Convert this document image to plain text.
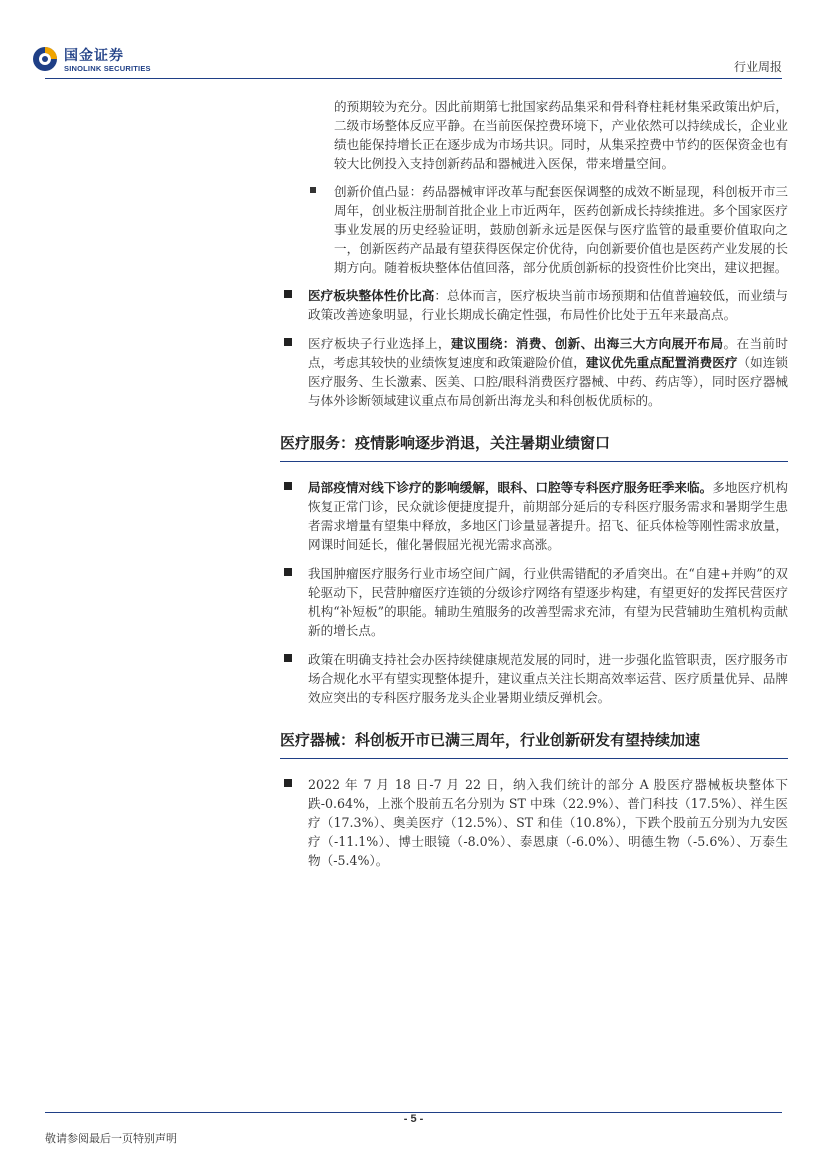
国金证券
SINOLINK SECURITIES	行业周报

的预期较为充分。因此前期第七批国家药品集采和骨科脊柱耗材集采政策出炉后，二级市场整体反应平静。在当前医保控费环境下，产业依然可以持续成长，企业业绩也能保持增长正在逐步成为市场共识。同时，从集采控费中节约的医保资金也有较大比例投入支持创新药品和器械进入医保，带来增量空间。

创新价值凸显：药品器械审评改革与配套医保调整的成效不断显现，科创板开市三周年，创业板注册制首批企业上市近两年，医药创新成长持续推进。多个国家医疗事业发展的历史经验证明，鼓励创新永远是医保与医疗监管的最重要价值取向之一，创新医药产品最有望获得医保定价优待，向创新要价值也是医药产业发展的长期方向。随着板块整体估值回落，部分优质创新标的投资性价比突出，建议把握。

医疗板块整体性价比高：总体而言，医疗板块当前市场预期和估值普遍较低，而业绩与政策改善迹象明显，行业长期成长确定性强，布局性价比处于五年来最高点。

医疗板块子行业选择上，建议围绕：消费、创新、出海三大方向展开布局。在当前时点，考虑其较快的业绩恢复速度和政策避险价值，建议优先重点配置消费医疗（如连锁医疗服务、生长激素、医美、口腔/眼科消费医疗器械、中药、药店等），同时医疗器械与体外诊断领域建议重点布局创新出海龙头和科创板优质标的。

医疗服务：疫情影响逐步消退，关注暑期业绩窗口

局部疫情对线下诊疗的影响缓解，眼科、口腔等专科医疗服务旺季来临。多地医疗机构恢复正常门诊，民众就诊便捷度提升，前期部分延后的专科医疗服务需求和暑期学生患者需求增量有望集中释放，多地区门诊量显著提升。招飞、征兵体检等刚性需求放量，网课时间延长，催化暑假屈光视光需求高涨。

我国肿瘤医疗服务行业市场空间广阔，行业供需错配的矛盾突出。在“自建+并购”的双轮驱动下，民营肿瘤医疗连锁的分级诊疗网络有望逐步构建，有望更好的发挥民营医疗机构“补短板”的职能。辅助生殖服务的改善型需求充沛，有望为民营辅助生殖机构贡献新的增长点。

政策在明确支持社会办医持续健康规范发展的同时，进一步强化监管职责，医疗服务市场合规化水平有望实现整体提升，建议重点关注长期高效率运营、医疗质量优异、品牌效应突出的专科医疗服务龙头企业暑期业绩反弹机会。

医疗器械：科创板开市已满三周年，行业创新研发有望持续加速

2022 年 7 月 18 日-7 月 22 日，纳入我们统计的部分 A 股医疗器械板块整体下跌-0.64%，上涨个股前五名分别为 ST 中珠（22.9%）、普门科技（17.5%）、祥生医疗（17.3%）、奥美医疗（12.5%）、ST 和佳（10.8%），下跌个股前五分别为九安医疗（-11.1%）、博士眼镜（-8.0%）、泰恩康（-6.0%）、明德生物（-5.6%）、万泰生物（-5.4%）。

- 5 -
敬请参阅最后一页特别声明
